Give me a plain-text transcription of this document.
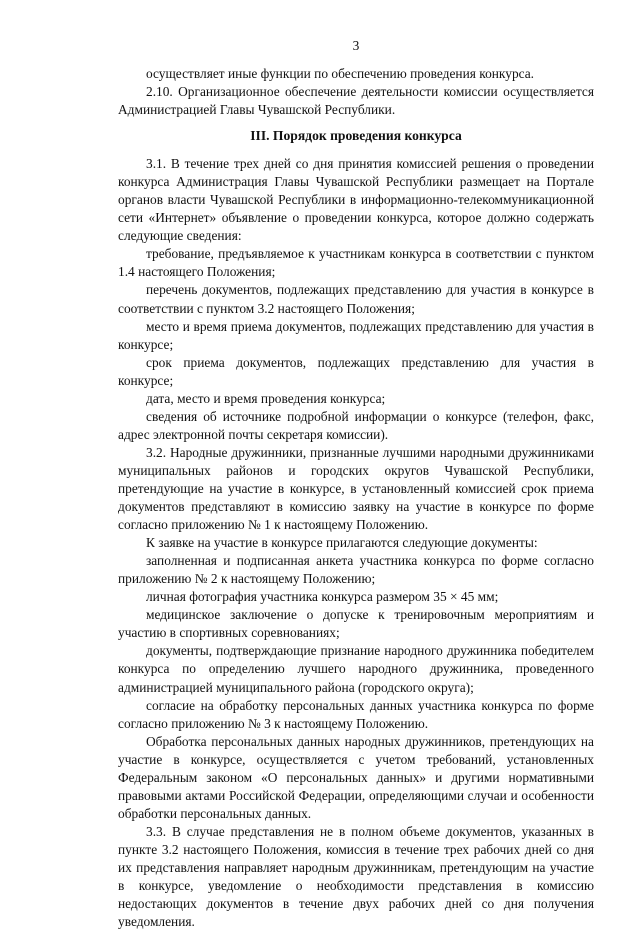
3

осуществляет иные функции по обеспечению проведения конкурса.

2.10. Организационное обеспечение деятельности комиссии осуществляется Администрацией Главы Чувашской Республики.

III. Порядок проведения конкурса

3.1. В течение трех дней со дня принятия комиссией решения о проведении конкурса Администрация Главы Чувашской Республики размещает на Портале органов власти Чувашской Республики в информационно-телекоммуникационной сети «Интернет» объявление о проведении конкурса, которое должно содержать следующие сведения:

требование, предъявляемое к участникам конкурса в соответствии с пунктом 1.4 настоящего Положения;

перечень документов, подлежащих представлению для участия в конкурсе в соответствии с пунктом 3.2 настоящего Положения;

место и время приема документов, подлежащих представлению для участия в конкурсе;

срок приема документов, подлежащих представлению для участия в конкурсе;

дата, место и время проведения конкурса;

сведения об источнике подробной информации о конкурсе (телефон, факс, адрес электронной почты секретаря комиссии).

3.2. Народные дружинники, признанные лучшими народными дружинниками муниципальных районов и городских округов Чувашской Республики, претендующие на участие в конкурсе, в установленный комиссией срок приема документов представляют в комиссию заявку на участие в конкурсе по форме согласно приложению № 1 к настоящему Положению.

К заявке на участие в конкурсе прилагаются следующие документы:

заполненная и подписанная анкета участника конкурса по форме согласно приложению № 2 к настоящему Положению;

личная фотография участника конкурса размером 35 × 45 мм;

медицинское заключение о допуске к тренировочным мероприятиям и участию в спортивных соревнованиях;

документы, подтверждающие признание народного дружинника победителем конкурса по определению лучшего народного дружинника, проведенного администрацией муниципального района (городского округа);

согласие на обработку персональных данных участника конкурса по форме согласно приложению № 3 к настоящему Положению.

Обработка персональных данных народных дружинников, претендующих на участие в конкурсе, осуществляется с учетом требований, установленных Федеральным законом «О персональных данных» и другими нормативными правовыми актами Российской Федерации, определяющими случаи и особенности обработки персональных данных.

3.3. В случае представления не в полном объеме документов, указанных в пункте 3.2 настоящего Положения, комиссия в течение трех рабочих дней со дня их представления направляет народным дружинникам, претендующим на участие в конкурсе, уведомление о необходимости представления в комиссию недостающих документов в течение двух рабочих дней со дня получения уведомления.
